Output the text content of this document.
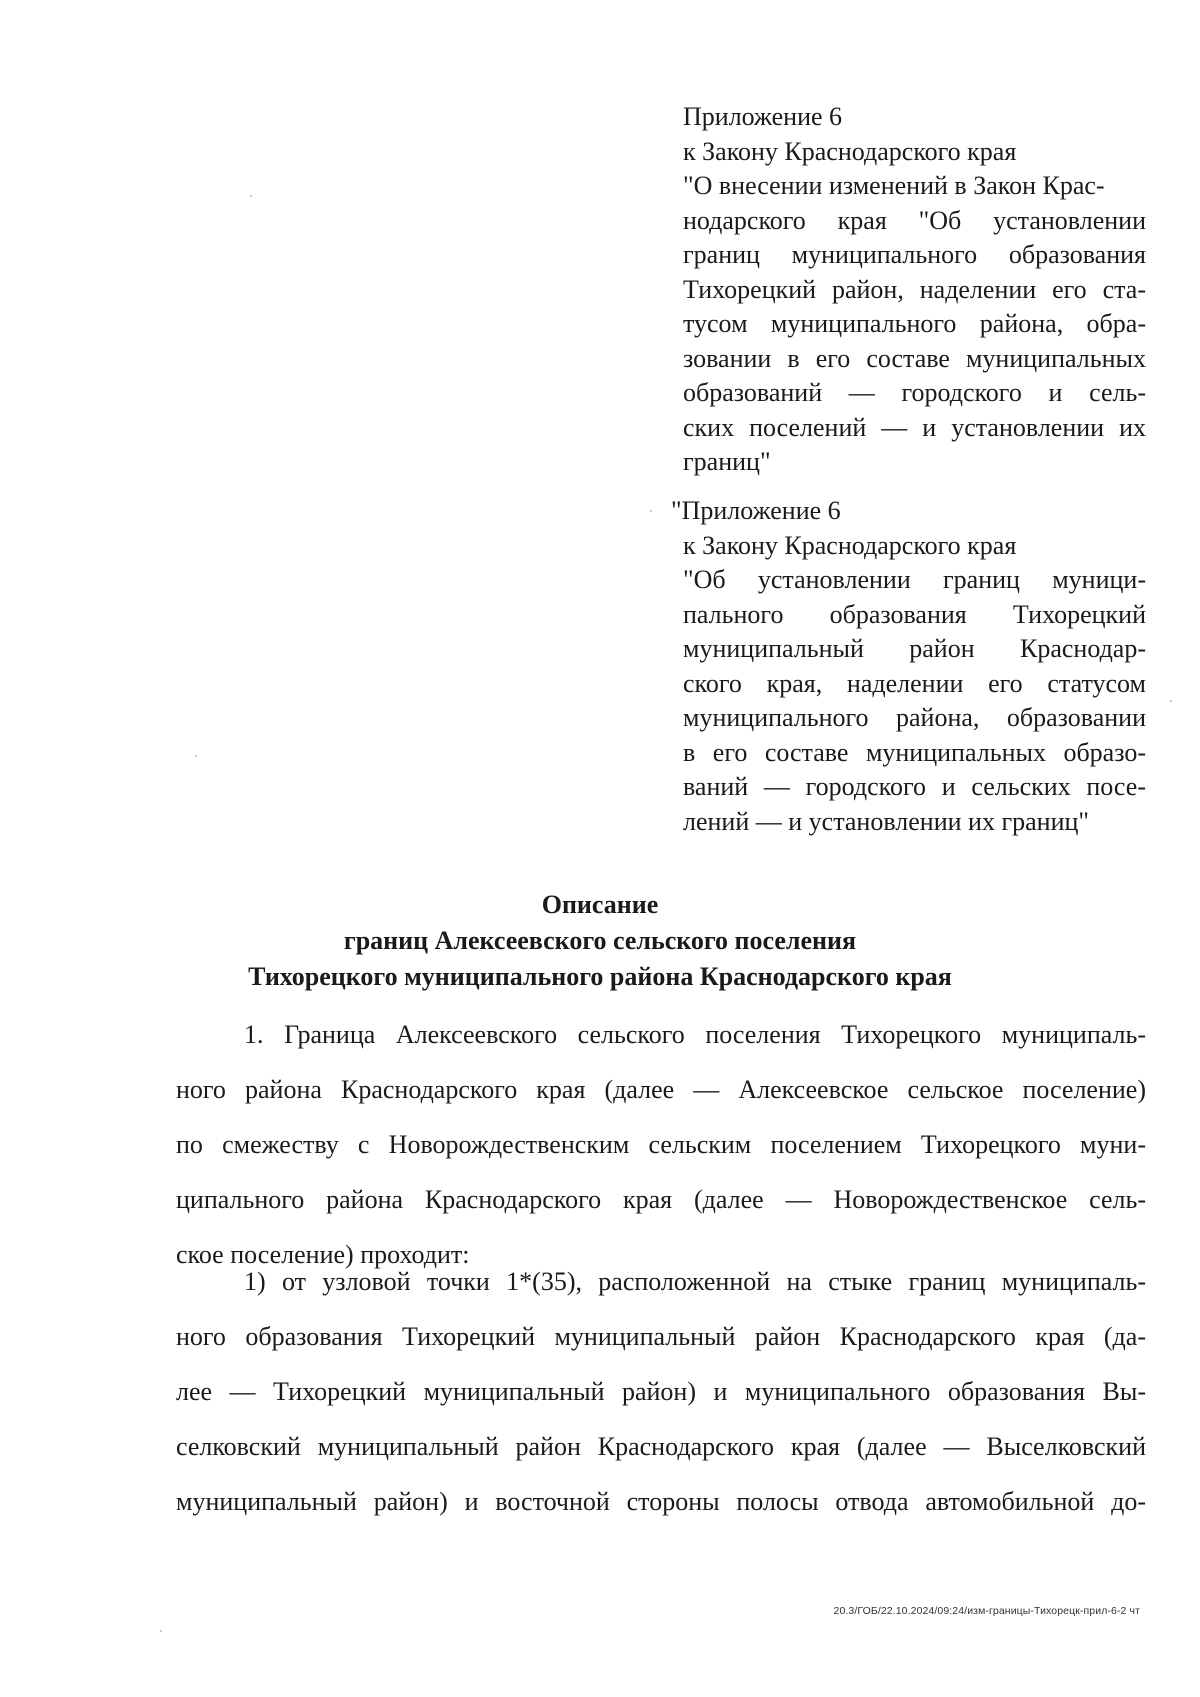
Приложение 6
к Закону Краснодарского края
"О внесении изменений в Закон Крас-
нодарского края "Об установлении
границ муниципального образования
Тихорецкий район, наделении его ста-
тусом муниципального района, обра-
зовании в его составе муниципальных
образований — городского и сель-
ских поселений — и установлении их
границ"
"Приложение 6
к Закону Краснодарского края
"Об установлении границ муници-
пального образования Тихорецкий
муниципальный район Краснодар-
ского края, наделении его статусом
муниципального района, образовании
в его составе муниципальных образо-
ваний — городского и сельских посе-
лений — и установлении их границ"
Описание
границ Алексеевского сельского поселения
Тихорецкого муниципального района Краснодарского края
1. Граница Алексеевского сельского поселения Тихорецкого муниципаль-
ного района Краснодарского края (далее — Алексеевское сельское поселение)
по смежеству с Новорождественским сельским поселением Тихорецкого муни-
ципального района Краснодарского края (далее — Новорождественское сель-
ское поселение) проходит:
1) от узловой точки 1*(35), расположенной на стыке границ муниципаль-
ного образования Тихорецкий муниципальный район Краснодарского края (да-
лее — Тихорецкий муниципальный район) и муниципального образования Вы-
селковский муниципальный район Краснодарского края (далее — Выселковский
муниципальный район) и восточной стороны полосы отвода автомобильной до-
20.3/ГОБ/22.10.2024/09:24/изм-границы-Тихорецк-прил-6-2 чт
